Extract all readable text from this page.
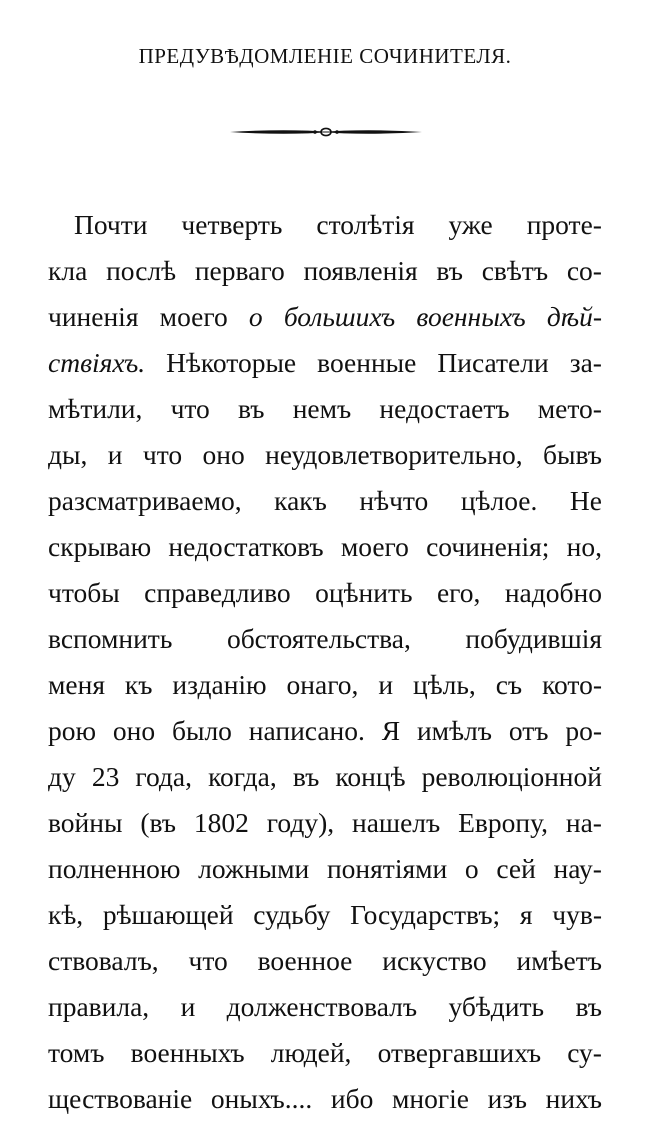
ПРЕДУВѢДОМЛЕНІЕ СОЧИНИТЕЛЯ.
Почти четверть столѣтія уже протe-
кла послѣ перваго появленія въ свѣтъ со-
чиненія моего о большихъ военныхъ дѣй-
ствіяхъ. Нѣкоторые военные Писатели за-
мѣтили, что въ немъ недостаетъ мето-
ды, и что оно неудовлетворительно, бывъ
разсматриваемо, какъ нѣчто цѣлое. Не
скрываю недостатковъ моего сочиненія; но,
чтобы справедливо оцѣнить его, надобно
вспомнить обстоятельства, побудившія
меня къ изданію онаго, и цѣль, съ кото-
рою оно было написано. Я имѣлъ отъ ро-
ду 23 года, когда, въ концѣ революціонной
войны (въ 1802 году), нашелъ Европу, на-
полненною ложными понятіями о сей нау-
кѣ, рѣшающей судьбу Государствъ; я чув-
ствовалъ, что военное искуство имѣетъ
правила, и долженствовалъ убѣдить въ
томъ военныхъ людей, отвергавшихъ су-
ществованіе оныхъ.... ибо многіе изъ нихъ
